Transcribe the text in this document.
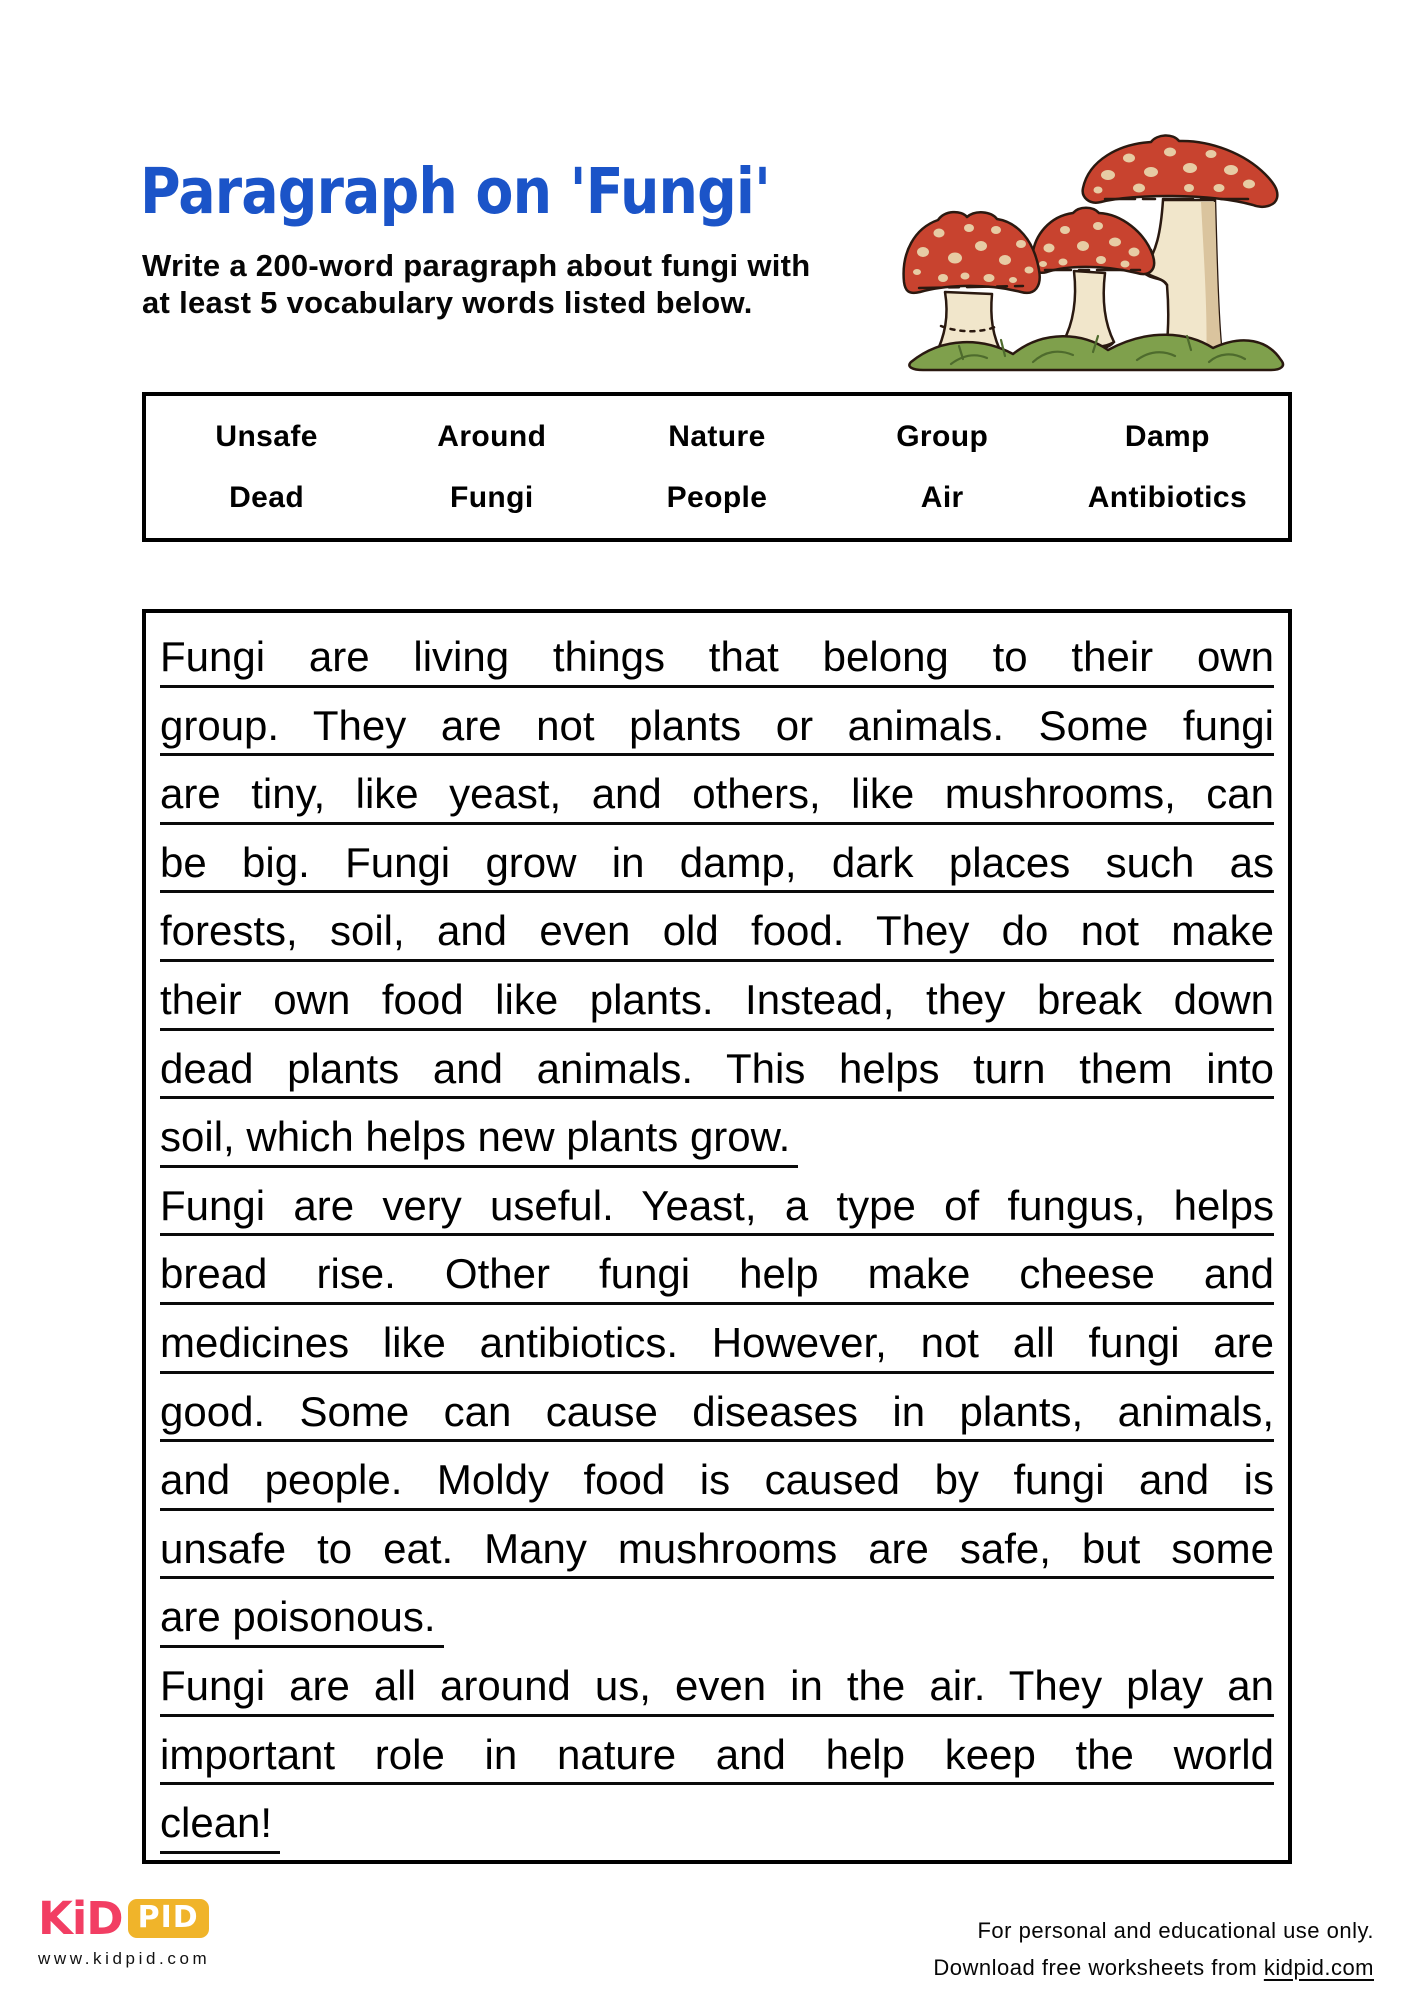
Paragraph on 'Fungi'
Write a 200-word paragraph about fungi with
at least 5 vocabulary words listed below.
Unsafe	Around	Nature	Group	Damp
Dead	Fungi	People	Air	Antibiotics
Fungi are living things that belong to their own
group. They are not plants or animals. Some fungi
are tiny, like yeast, and others, like mushrooms, can
be big. Fungi grow in damp, dark places such as
forests, soil, and even old food. They do not make
their own food like plants. Instead, they break down
dead plants and animals. This helps turn them into
soil, which helps new plants grow.
Fungi are very useful. Yeast, a type of fungus, helps
bread rise. Other fungi help make cheese and
medicines like antibiotics. However, not all fungi are
good. Some can cause diseases in plants, animals,
and people. Moldy food is caused by fungi and is
unsafe to eat. Many mushrooms are safe, but some
are poisonous.
Fungi are all around us, even in the air. They play an
important role in nature and help keep the world
clean!
KiD PID
www.kidpid.com
For personal and educational use only.
Download free worksheets from kidpid.com
